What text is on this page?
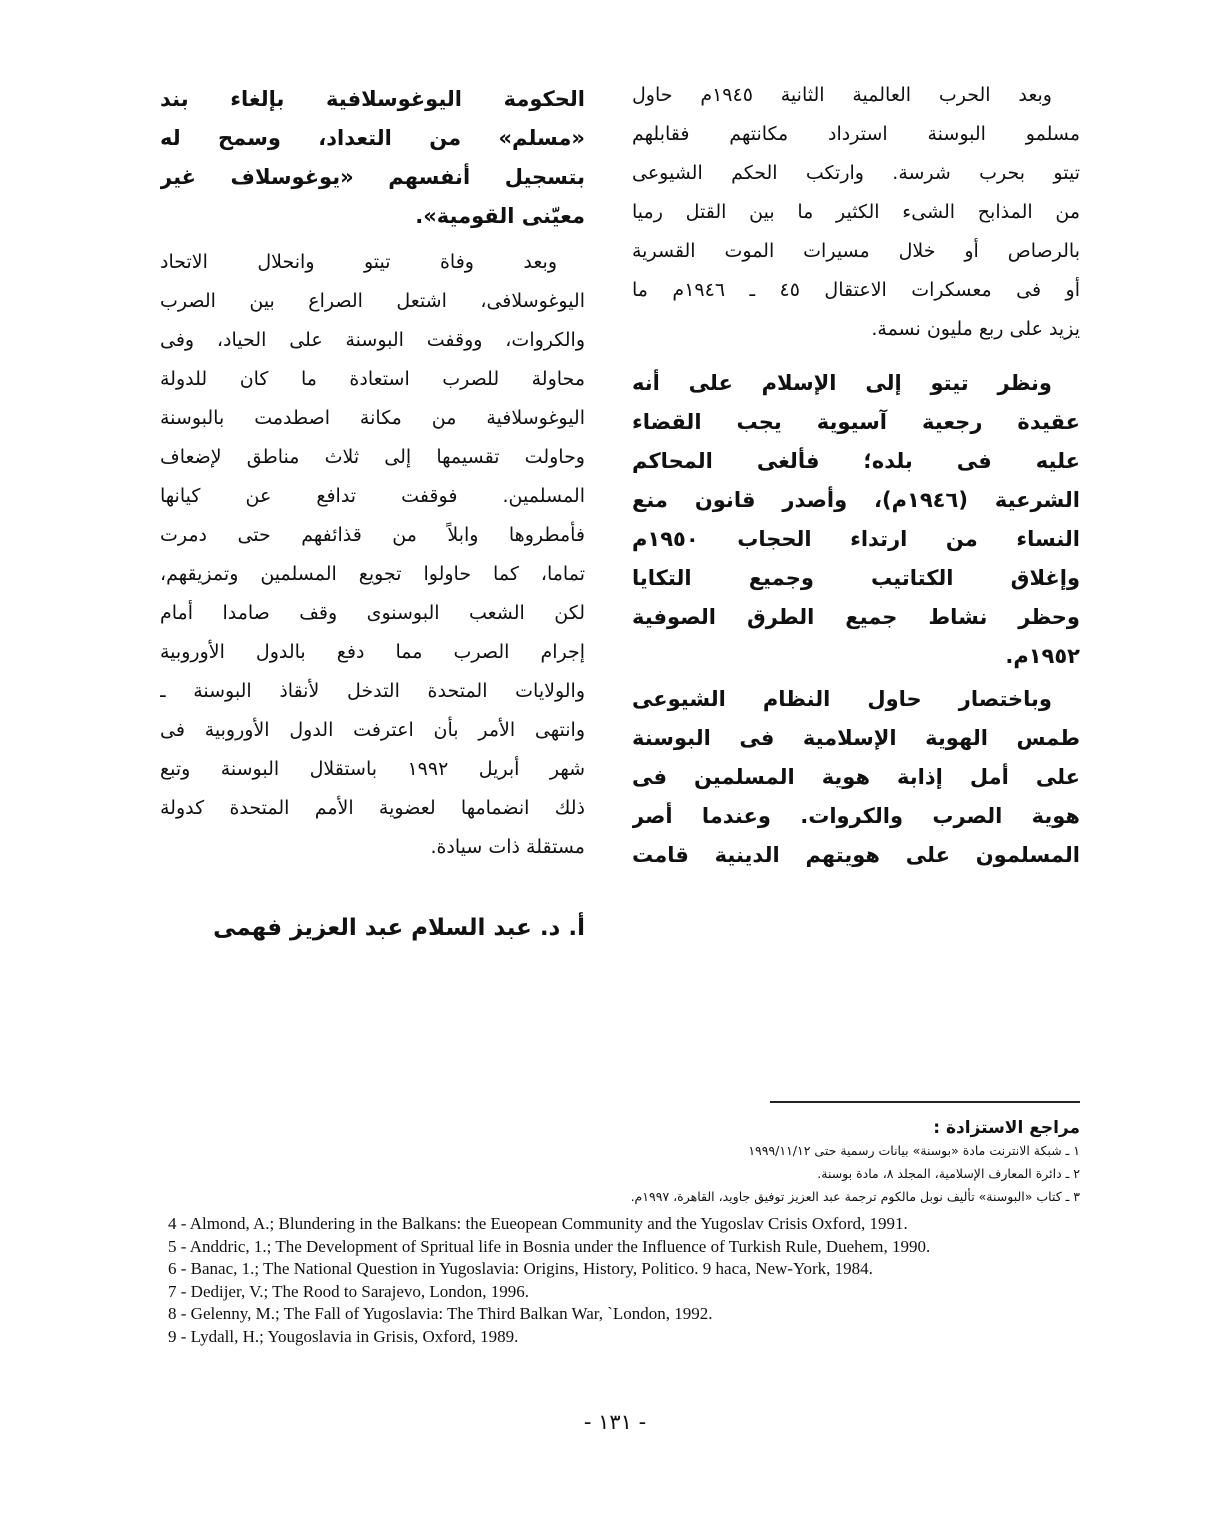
وبعد الحرب العالمية الثانية ١٩٤٥م حاول
مسلمو البوسنة استرداد مكانتهم فقابلهم
تيتو بحرب شرسة. وارتكب الحكم الشيوعى
من المذابح الشىء الكثير ما بين القتل رميا
بالرصاص أو خلال مسيرات الموت القسرية
أو فى معسكرات الاعتقال ٤٥ ـ ١٩٤٦م ما
يزيد على ربع مليون نسمة.
ونظر تيتو إلى الإسلام على أنه
عقيدة رجعية آسيوية يجب القضاء
عليه فى بلده؛ فألغى المحاكم
الشرعية (١٩٤٦م)، وأصدر قانون منع
النساء من ارتداء الحجاب ١٩٥٠م
وإغلاق الكتاتيب وجميع التكايا
وحظر نشاط جميع الطرق الصوفية
١٩٥٢م.
وباختصار حاول النظام الشيوعى
طمس الهوية الإسلامية فى البوسنة
على أمل إذابة هوية المسلمين فى
هوية الصرب والكروات. وعندما أصر
المسلمون على هويتهم الدينية قامت
الحكومة اليوغوسلافية بإلغاء بند
«مسلم» من التعداد، وسمح له
بتسجيل أنفسهم «يوغوسلاف غير
معيّنى القومية».
وبعد وفاة تيتو وانحلال الاتحاد
اليوغوسلافى، اشتعل الصراع بين الصرب
والكروات، ووقفت البوسنة على الحياد، وفى
محاولة للصرب استعادة ما كان للدولة
اليوغوسلافية من مكانة اصطدمت بالبوسنة
وحاولت تقسيمها إلى ثلاث مناطق لإضعاف
المسلمين. فوقفت تدافع عن كيانها
فأمطروها وابلاً من قذائفهم حتى دمرت
تماما، كما حاولوا تجويع المسلمين وتمزيقهم،
لكن الشعب البوسنوى وقف صامدا أمام
إجرام الصرب مما دفع بالدول الأوروبية
والولايات المتحدة التدخل لأنقاذ البوسنة ـ
وانتهى الأمر بأن اعترفت الدول الأوروبية فى
شهر أبريل ١٩٩٢ باستقلال البوسنة وتبع
ذلك انضمامها لعضوية الأمم المتحدة كدولة
مستقلة ذات سيادة.
أ. د. عبد السلام عبد العزيز فهمى
مراجع الاستزادة :
١ ـ شبكة الانترنت مادة «بوسنة» بيانات رسمية حتى ١٩٩٩/١١/١٢
٢ ـ دائرة المعارف الإسلامية، المجلد ٨، مادة بوسنة.
٣ ـ كتاب «البوسنة» تأليف نوبل مالكوم ترجمة عبد العزيز توفيق جاويد، القاهرة، ١٩٩٧م.
4 - Almond, A.; Blundering in the Balkans: the Eueopean Community and the Yugoslav Crisis Oxford, 1991.
5 - Anddric, 1.; The Development of Spritual life in Bosnia under the Influence of Turkish Rule, Duehem, 1990.
6 - Banac, 1.; The National Question in Yugoslavia: Origins, History, Politico. 9 haca, New-York, 1984.
7 - Dedijer, V.; The Rood to Sarajevo, London, 1996.
8 - Gelenny, M.; The Fall of Yugoslavia: The Third Balkan War, `London, 1992.
9 - Lydall, H.; Yougoslavia in Grisis, Oxford, 1989.
- ١٣١ -
